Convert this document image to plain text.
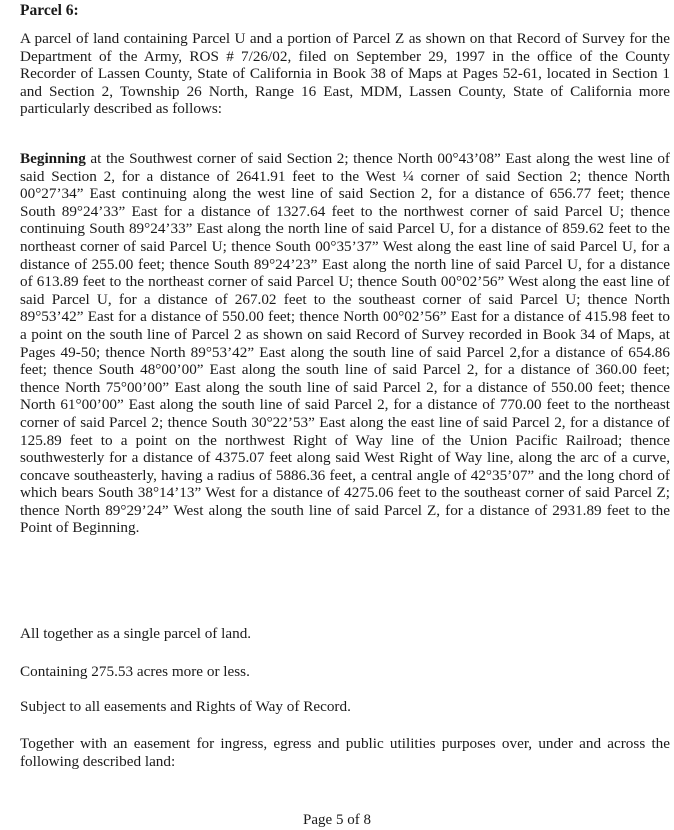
Parcel 6:

A parcel of land containing Parcel U and a portion of Parcel Z as shown on that Record of Survey for the Department of the Army, ROS # 7/26/02, filed on September 29, 1997 in the office of the County Recorder of Lassen County, State of California in Book 38 of Maps at Pages 52-61, located in Section 1 and Section 2, Township 26 North, Range 16 East, MDM, Lassen County, State of California more particularly described as follows:

Beginning at the Southwest corner of said Section 2; thence North 00°43’08” East along the west line of said Section 2, for a distance of 2641.91 feet to the West ¼ corner of said Section 2; thence North 00°27’34” East continuing along the west line of said Section 2, for a distance of 656.77 feet; thence South 89°24’33” East for a distance of 1327.64 feet to the northwest corner of said Parcel U; thence continuing South 89°24’33” East along the north line of said Parcel U, for a distance of 859.62 feet to the northeast corner of said Parcel U; thence South 00°35’37” West along the east line of said Parcel U, for a distance of 255.00 feet; thence South 89°24’23” East along the north line of said Parcel U, for a distance of 613.89 feet to the northeast corner of said Parcel U; thence South 00°02’56” West along the east line of said Parcel U, for a distance of 267.02 feet to the southeast corner of said Parcel U; thence North 89°53’42” East for a distance of 550.00 feet; thence North 00°02’56” East for a distance of 415.98 feet to a point on the south line of Parcel 2 as shown on said Record of Survey recorded in Book 34 of Maps, at Pages 49-50; thence North 89°53’42” East along the south line of said Parcel 2,for a distance of 654.86 feet; thence South 48°00’00” East along the south line of said Parcel 2, for a distance of 360.00 feet; thence North 75°00’00” East along the south line of said Parcel 2, for a distance of 550.00 feet; thence North 61°00’00” East along the south line of said Parcel 2, for a distance of 770.00 feet to the northeast corner of said Parcel 2; thence South 30°22’53” East along the east line of said Parcel 2, for a distance of 125.89 feet to a point on the northwest Right of Way line of the Union Pacific Railroad; thence southwesterly for a distance of 4375.07 feet along said West Right of Way line, along the arc of a curve, concave southeasterly, having a radius of 5886.36 feet, a central angle of 42°35’07” and the long chord of which bears South 38°14’13” West for a distance of 4275.06 feet to the southeast corner of said Parcel Z; thence North 89°29’24” West along the south line of said Parcel Z, for a distance of 2931.89 feet to the Point of Beginning.

All together as a single parcel of land.

Containing 275.53 acres more or less.

Subject to all easements and Rights of Way of Record.

Together with an easement for ingress, egress and public utilities purposes over, under and across the following described land:

Page 5 of 8
